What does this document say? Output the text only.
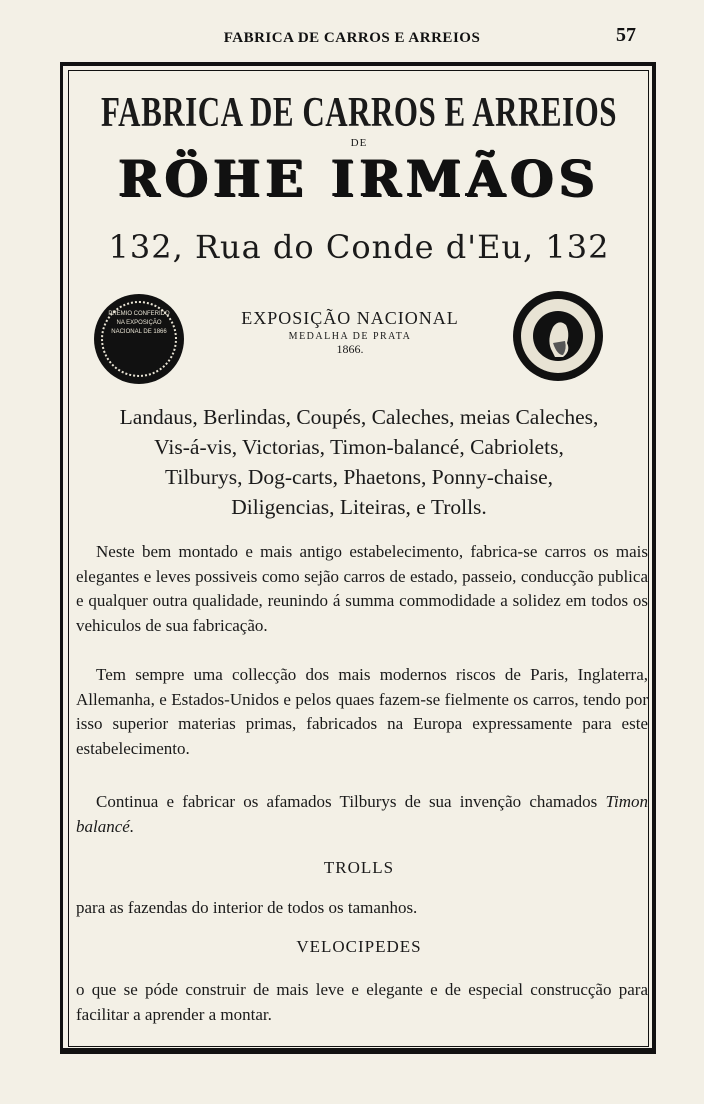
FABRICA DE CARROS E ARREIOS	57
FABRICA DE CARROS E ARREIOS
DE
RÖHE IRMÃOS
132, Rua do Conde d'Eu, 132
PREMIO CONFERIDO NA EXPOSIÇÃO NACIONAL DE 1866
EXPOSIÇÃO NACIONAL
MEDALHA DE PRATA
1866.
Landaus, Berlindas, Coupés, Caleches, meias Caleches,
Vis-á-vis, Victorias, Timon-balancé, Cabriolets,
Tilburys, Dog-carts, Phaetons, Ponny-chaise,
Diligencias, Liteiras, e Trolls.
Neste bem montado e mais antigo estabelecimento, fabrica-se carros os mais elegantes e leves possiveis como sejão carros de estado, passeio, conducção publica e qualquer outra qualidade, reunindo á summa commodidade a solidez em todos os vehiculos de sua fabricação.
Tem sempre uma collecção dos mais modernos riscos de Paris, Inglaterra, Allemanha, e Estados-Unidos e pelos quaes fazem-se fielmente os carros, tendo por isso superior materias primas, fabricados na Europa expressamente para este estabelecimento.
Continua e fabricar os afamados Tilburys de sua invenção chamados Timon balancé.
TROLLS
para as fazendas do interior de todos os tamanhos.
VELOCIPEDES
o que se póde construir de mais leve e elegante e de especial construcção para facilitar a aprender a montar.
